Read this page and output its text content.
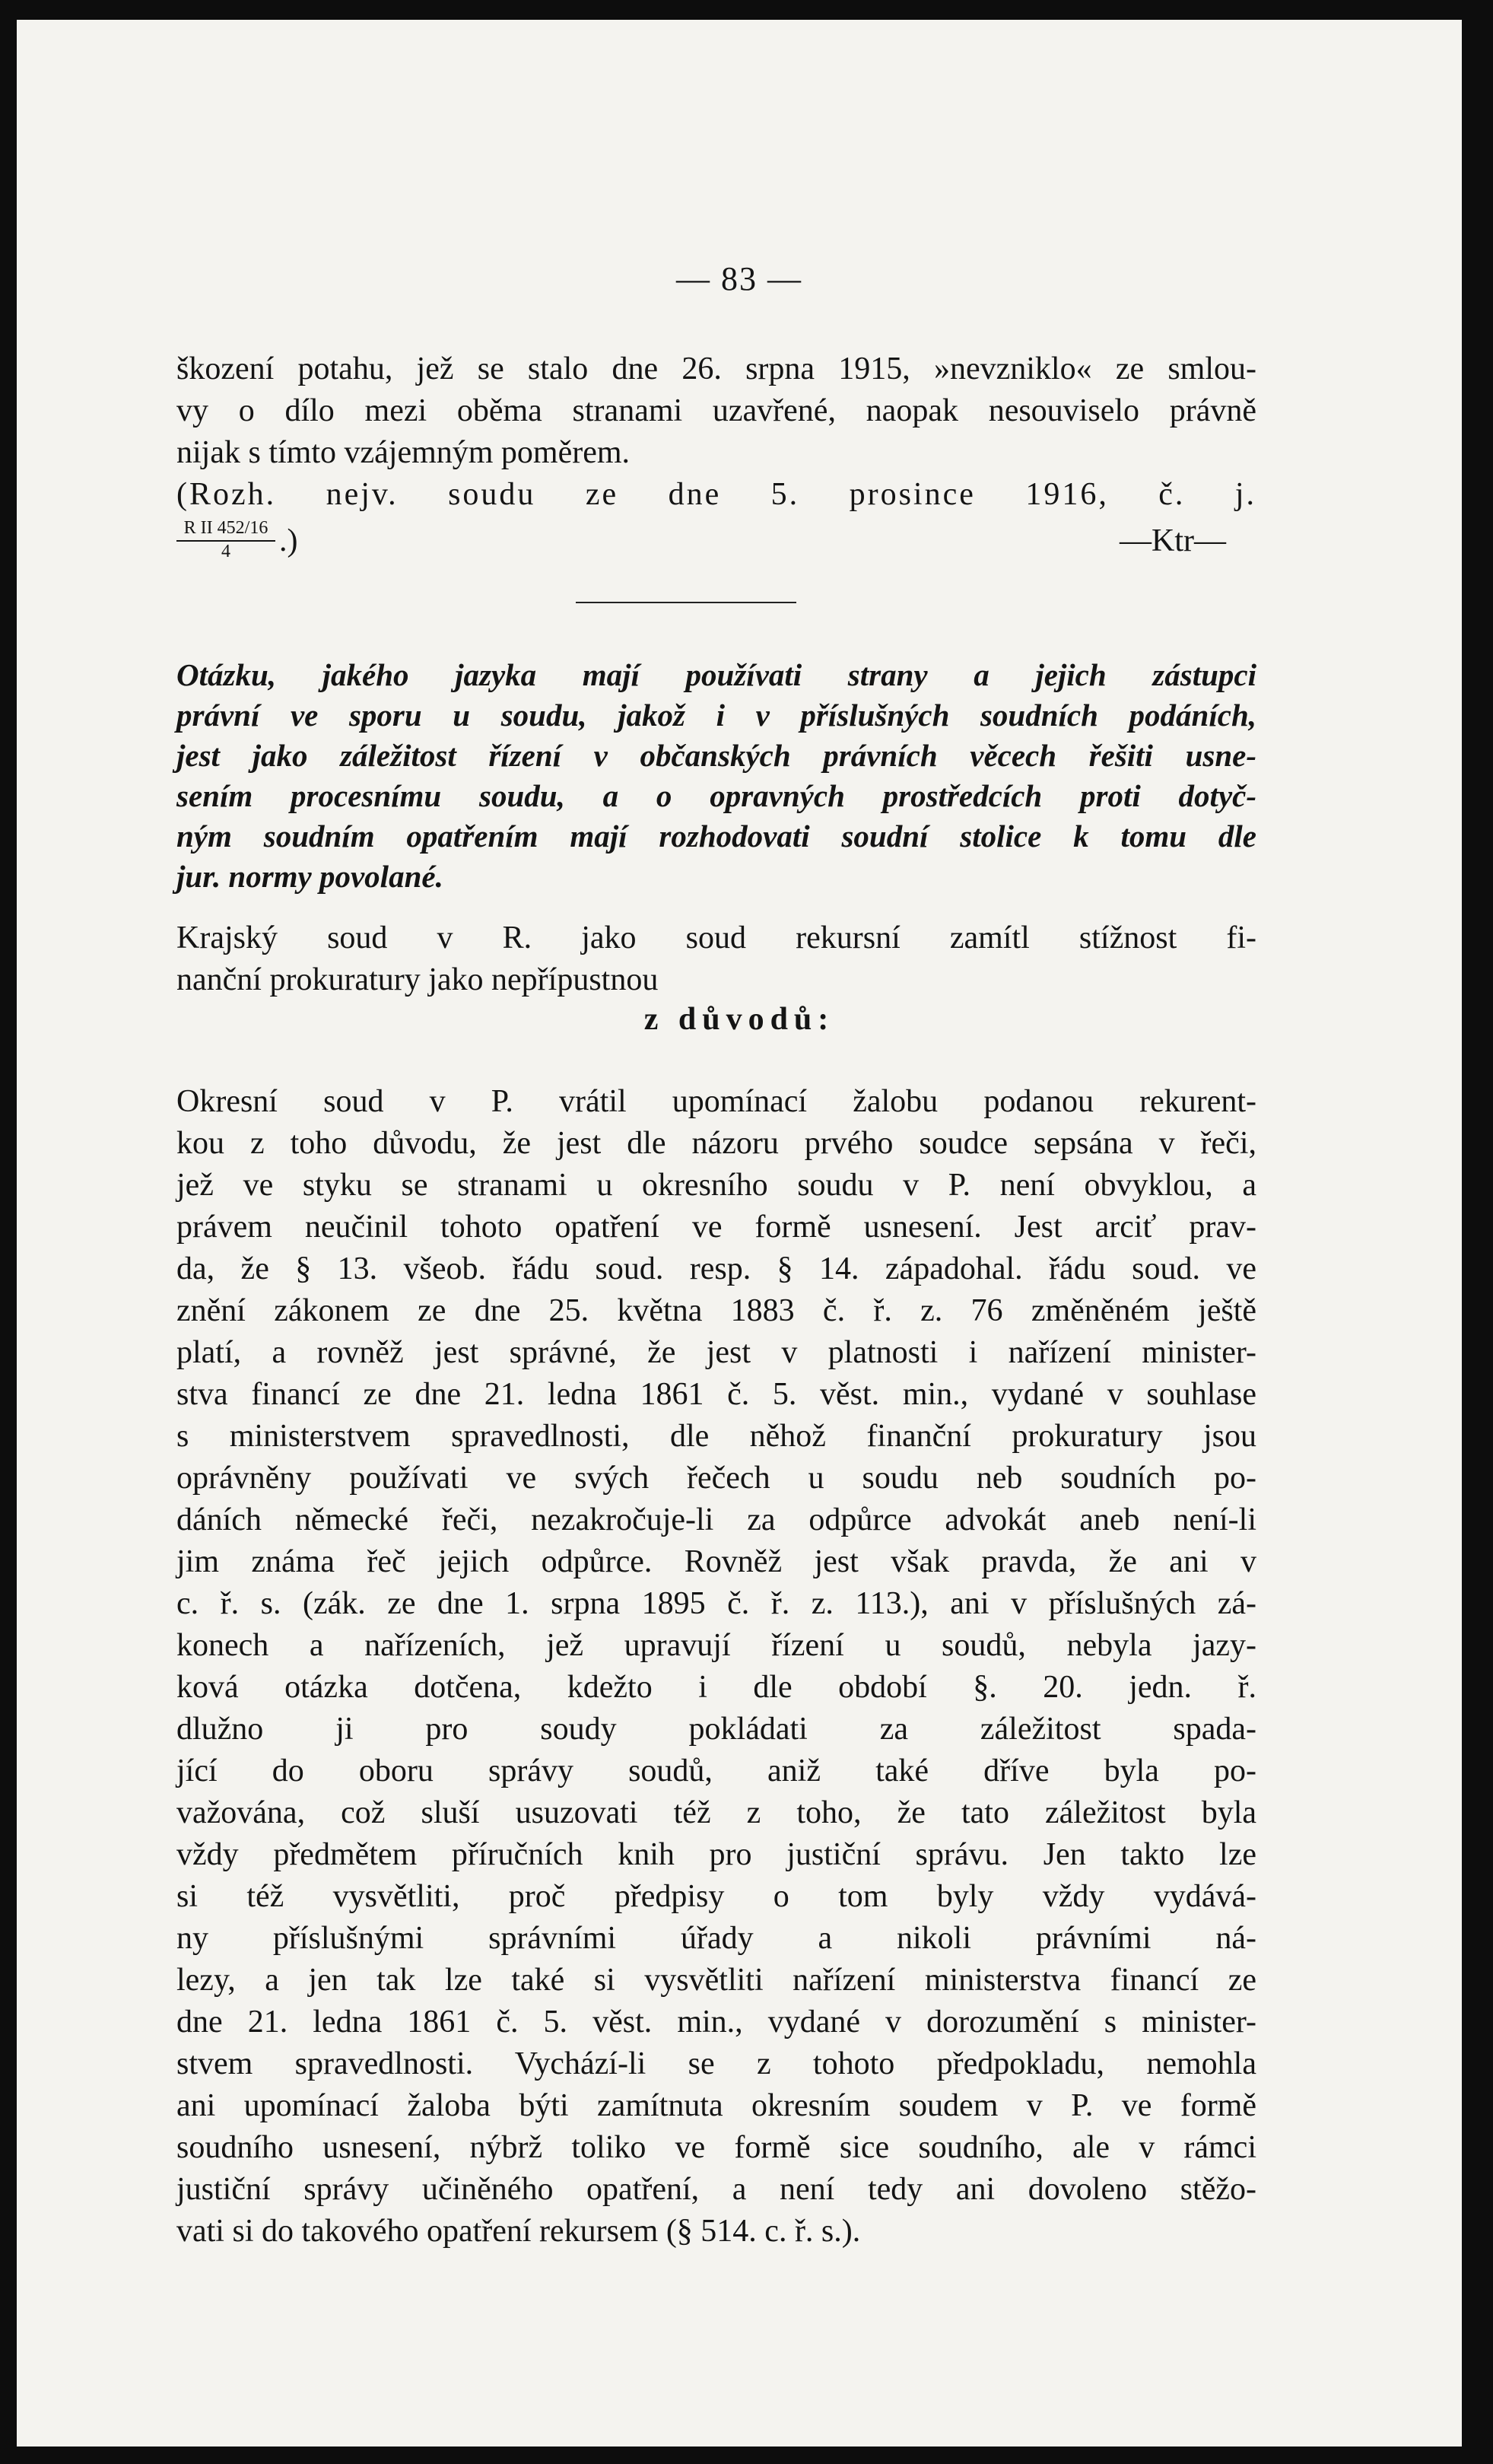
— 83 —
škození potahu, jež se stalo dne 26. srpna 1915, »nevzniklo« ze smlou-
vy o dílo mezi oběma stranami uzavřené, naopak nesouviselo právně
nijak s tímto vzájemným poměrem.
(Rozh. nejv. soudu ze dne 5. prosince 1916, č. j.
$\frac{\text{R II 452/16}}{4}$ .)	—Ktr—
Otázku, jakého jazyka mají používati strany a jejich zástupci
právní ve sporu u soudu, jakož i v příslušných soudních podáních,
jest jako záležitost řízení v občanských právních věcech řešiti usne-
sením procesnímu soudu, a o opravných prostředcích proti dotyč-
ným soudním opatřením mají rozhodovati soudní stolice k tomu dle
jur. normy povolané.
Krajský soud v R. jako soud rekursní zamítl stížnost fi-
nanční prokuratury jako nepřípustnou
z důvodů:
Okresní soud v P. vrátil upomínací žalobu podanou rekurent-
kou z toho důvodu, že jest dle názoru prvého soudce sepsána v řeči,
jež ve styku se stranami u okresního soudu v P. není obvyklou, a
právem neučinil tohoto opatření ve formě usnesení. Jest arciť prav-
da, že § 13. všeob. řádu soud. resp. § 14. západohal. řádu soud. ve
znění zákonem ze dne 25. května 1883 č. ř. z. 76 změněném ještě
platí, a rovněž jest správné, že jest v platnosti i nařízení minister-
stva financí ze dne 21. ledna 1861 č. 5. věst. min., vydané v souhlase
s ministerstvem spravedlnosti, dle něhož finanční prokuratury jsou
oprávněny používati ve svých řečech u soudu neb soudních po-
dáních německé řeči, nezakročuje-li za odpůrce advokát aneb není-li
jim známa řeč jejich odpůrce. Rovněž jest však pravda, že ani v
c. ř. s. (zák. ze dne 1. srpna 1895 č. ř. z. 113.), ani v příslušných zá-
konech a nařízeních, jež upravují řízení u soudů, nebyla jazy-
ková otázka dotčena, kdežto i dle období §. 20. jedn. ř.
dlužno ji pro soudy pokládati za záležitost spada-
jící do oboru správy soudů, aniž také dříve byla po-
važována, což sluší usuzovati též z toho, že tato záležitost byla
vždy předmětem příručních knih pro justiční správu. Jen takto lze
si též vysvětliti, proč předpisy o tom byly vždy vydává-
ny příslušnými správními úřady a nikoli právními ná-
lezy, a jen tak lze také si vysvětliti nařízení ministerstva financí ze
dne 21. ledna 1861 č. 5. věst. min., vydané v dorozumění s minister-
stvem spravedlnosti. Vychází-li se z tohoto předpokladu, nemohla
ani upomínací žaloba býti zamítnuta okresním soudem v P. ve formě
soudního usnesení, nýbrž toliko ve formě sice soudního, ale v rámci
justiční správy učiněného opatření, a není tedy ani dovoleno stěžo-
vati si do takového opatření rekursem (§ 514. c. ř. s.).
